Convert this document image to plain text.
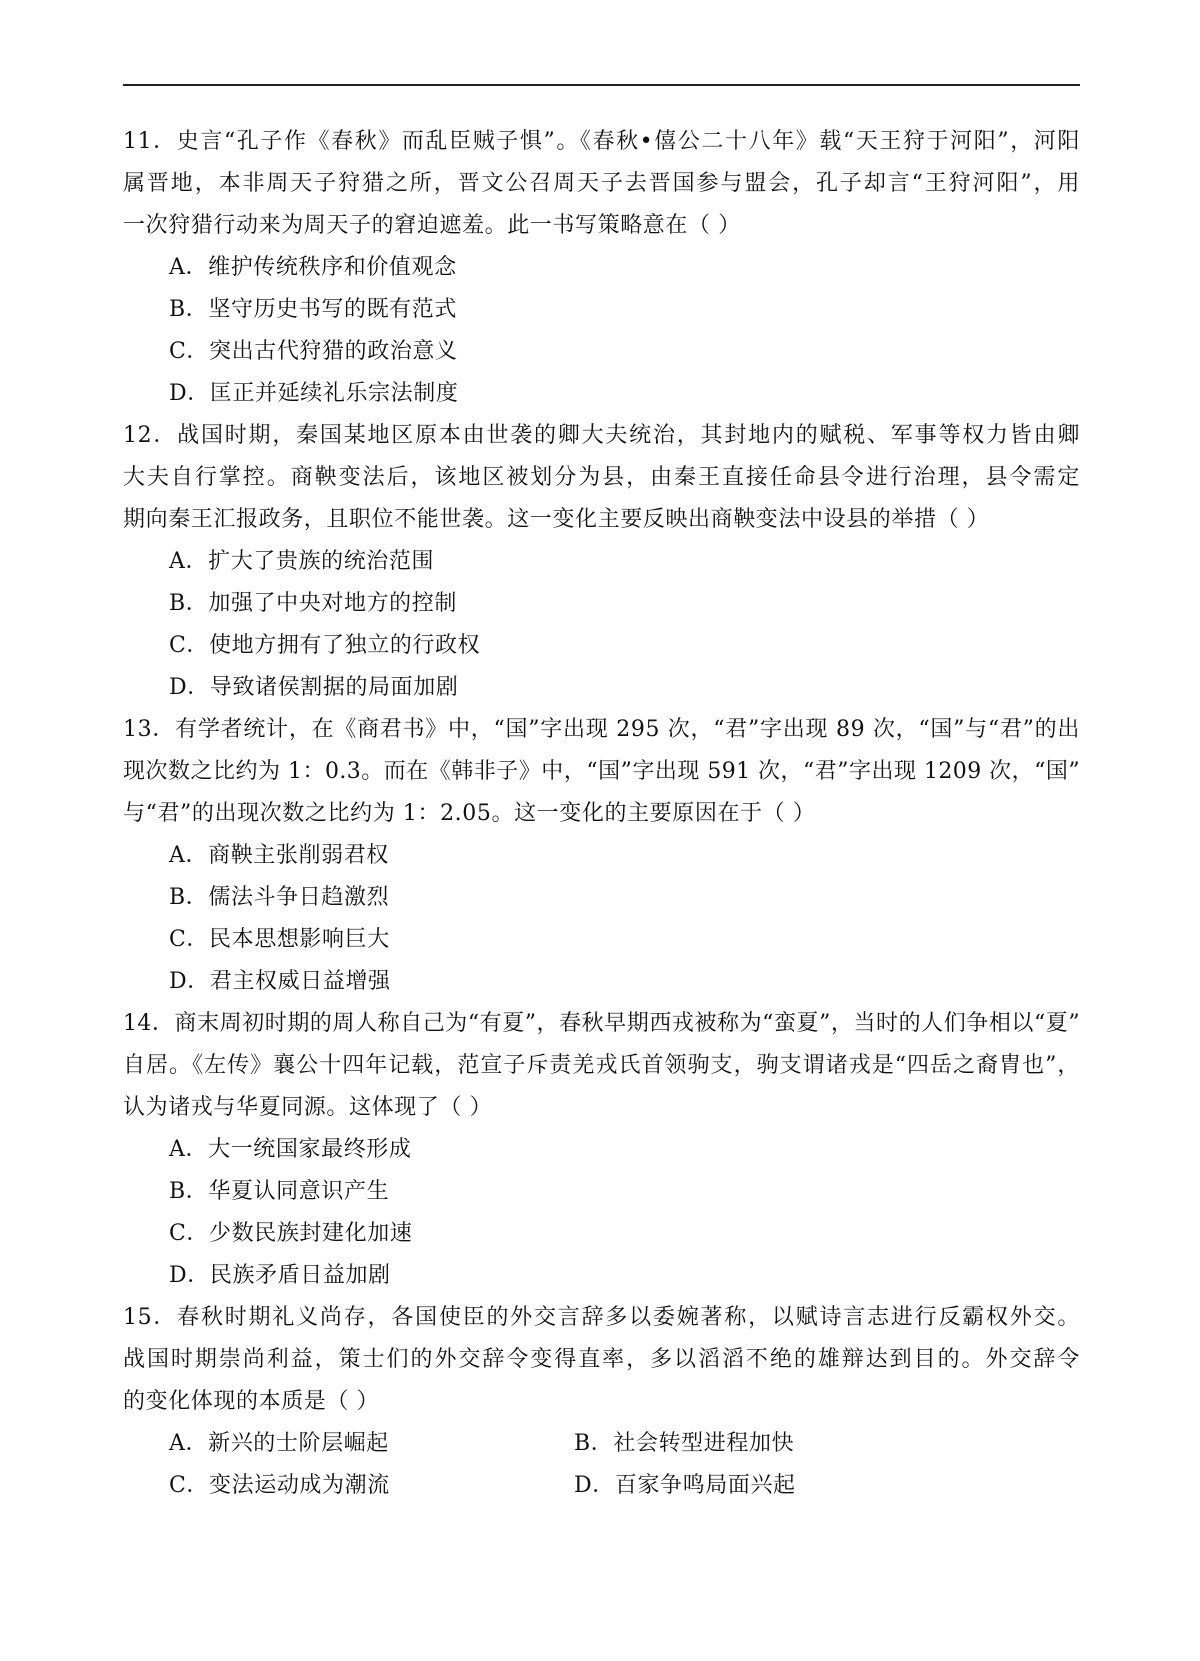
11．史言“孔子作《春秋》而乱臣贼子惧”。《春秋•僖公二十八年》载“天王狩于河阳”，河阳
属晋地，本非周天子狩猎之所，晋文公召周天子去晋国参与盟会，孔子却言“王狩河阳”，用
一次狩猎行动来为周天子的窘迫遮羞。此一书写策略意在（ ）
A．维护传统秩序和价值观念
B．坚守历史书写的既有范式
C．突出古代狩猎的政治意义
D．匡正并延续礼乐宗法制度
12．战国时期，秦国某地区原本由世袭的卿大夫统治，其封地内的赋税、军事等权力皆由卿
大夫自行掌控。商鞅变法后，该地区被划分为县，由秦王直接任命县令进行治理，县令需定
期向秦王汇报政务，且职位不能世袭。这一变化主要反映出商鞅变法中设县的举措（ ）
A．扩大了贵族的统治范围
B．加强了中央对地方的控制
C．使地方拥有了独立的行政权
D．导致诸侯割据的局面加剧
13．有学者统计，在《商君书》中，“国”字出现 295 次，“君”字出现 89 次，“国”与“君”的出
现次数之比约为 1：0.3。而在《韩非子》中，“国”字出现 591 次，“君”字出现 1209 次，“国”
与“君”的出现次数之比约为 1：2.05。这一变化的主要原因在于（ ）
A．商鞅主张削弱君权
B．儒法斗争日趋激烈
C．民本思想影响巨大
D．君主权威日益增强
14．商末周初时期的周人称自己为“有夏”，春秋早期西戎被称为“蛮夏”，当时的人们争相以“夏”
自居。《左传》襄公十四年记载，范宣子斥责羌戎氏首领驹支，驹支谓诸戎是“四岳之裔胄也”，
认为诸戎与华夏同源。这体现了（ ）
A．大一统国家最终形成
B．华夏认同意识产生
C．少数民族封建化加速
D．民族矛盾日益加剧
15．春秋时期礼义尚存，各国使臣的外交言辞多以委婉著称，以赋诗言志进行反霸权外交。
战国时期崇尚利益，策士们的外交辞令变得直率，多以滔滔不绝的雄辩达到目的。外交辞令
的变化体现的本质是（ ）
A．新兴的士阶层崛起	B．社会转型进程加快
C．变法运动成为潮流	D．百家争鸣局面兴起
